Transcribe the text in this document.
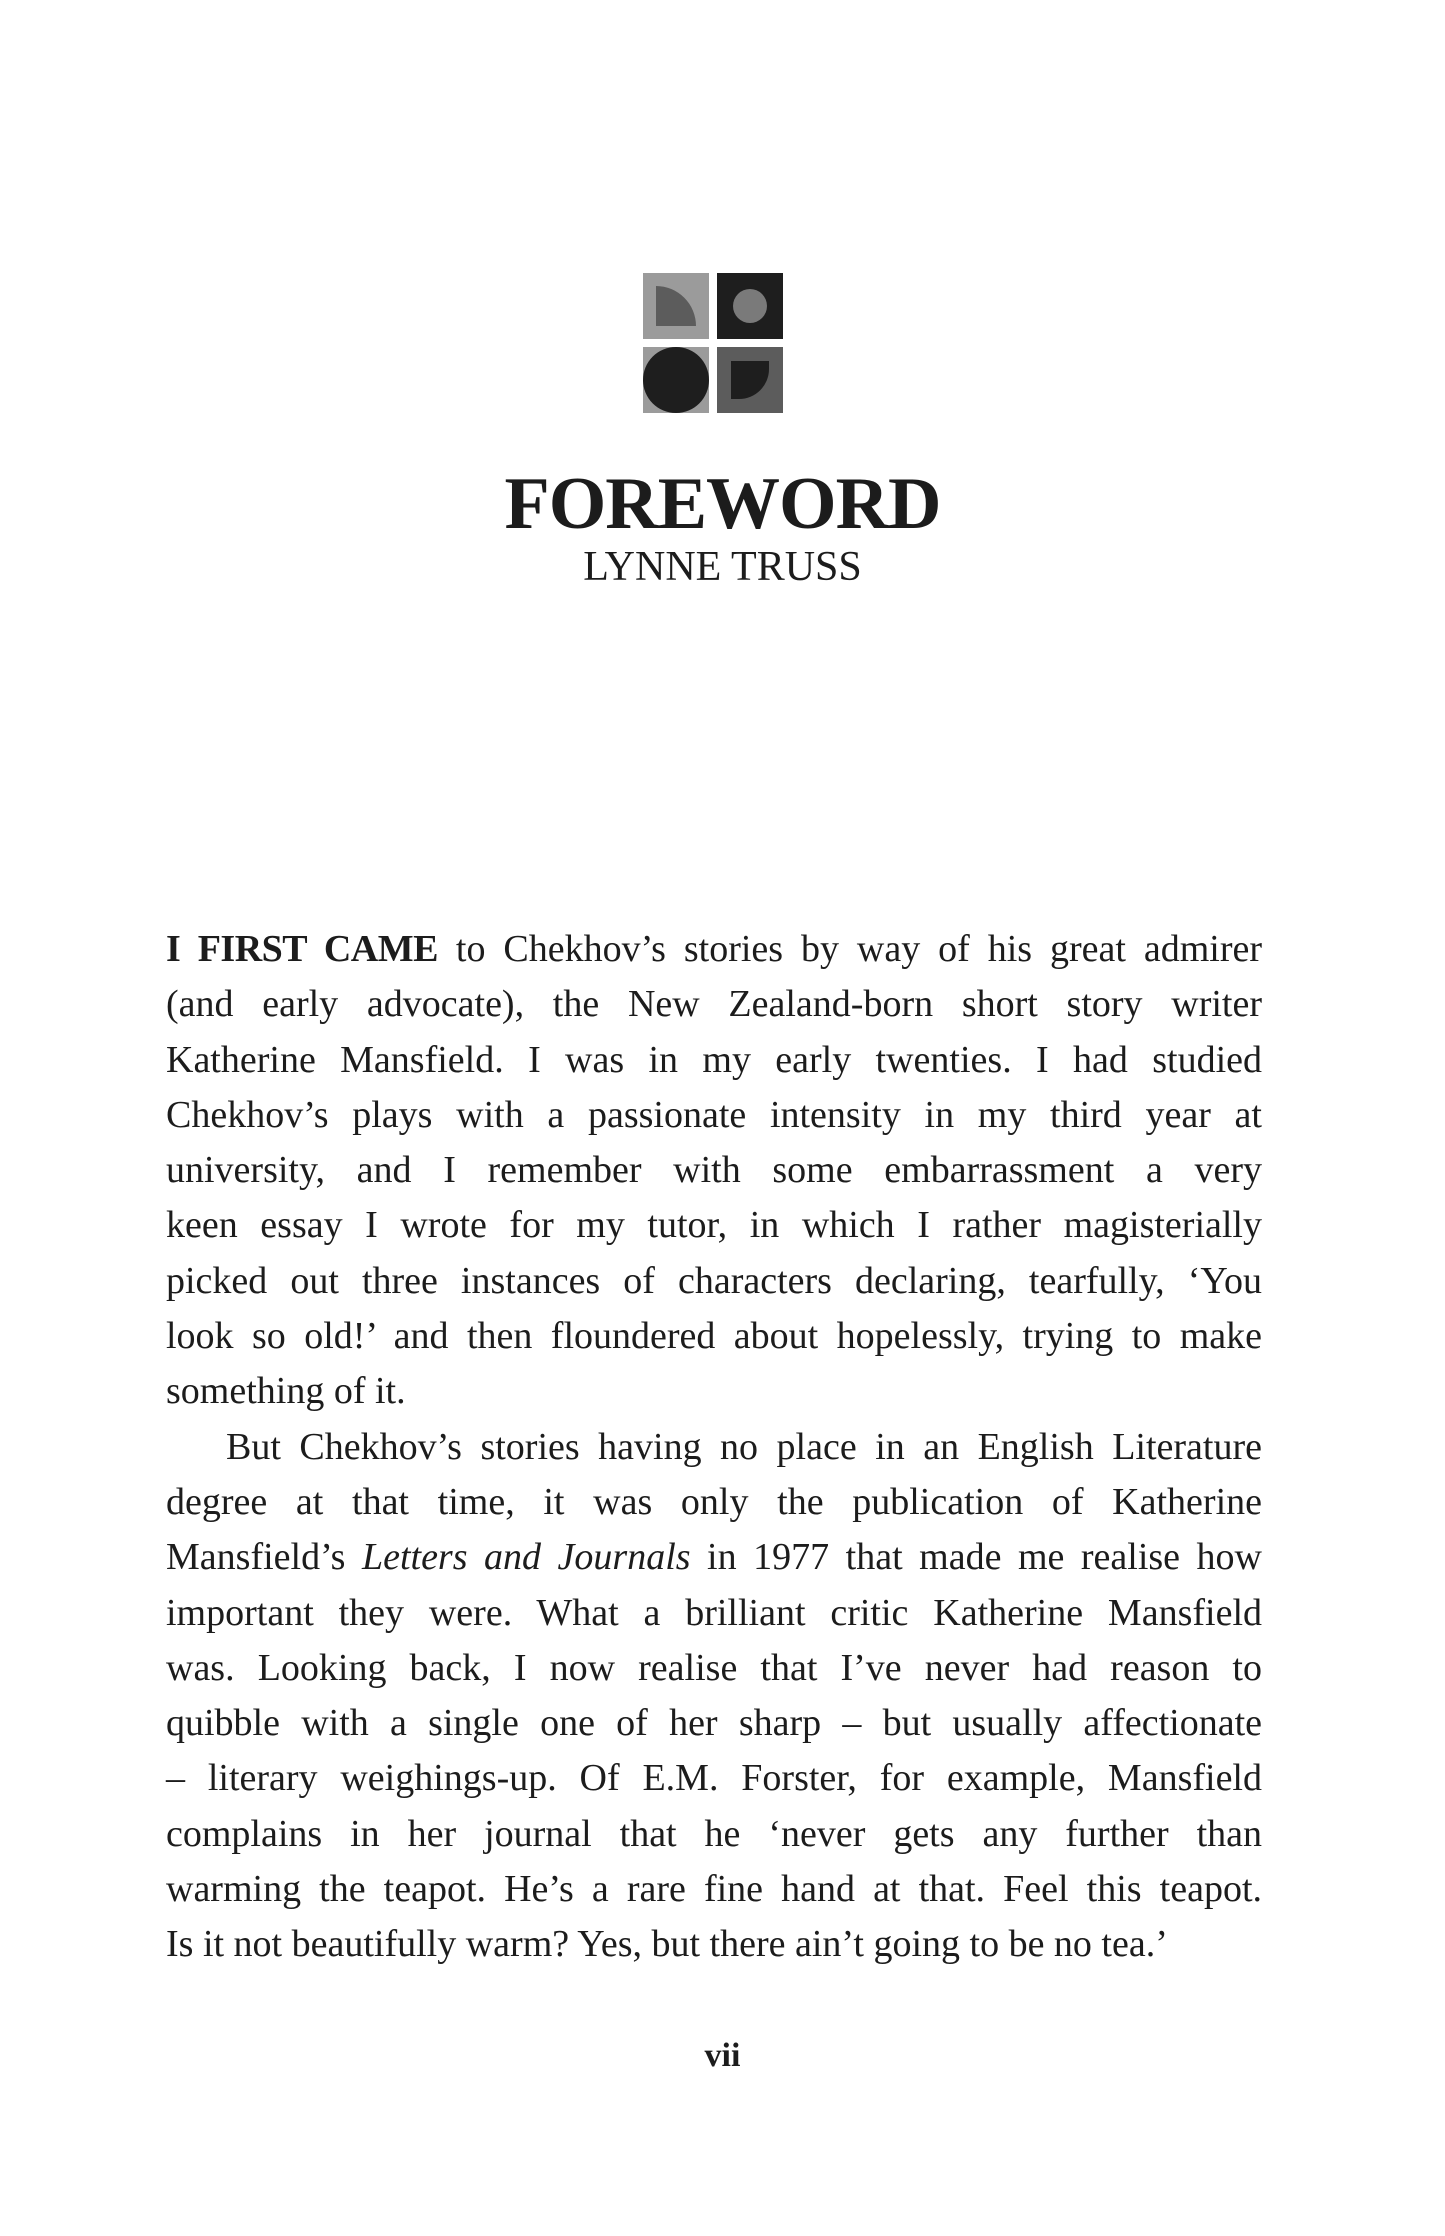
FOREWORD
LYNNE TRUSS
I FIRST CAME to Chekhov’s stories by way of his great admirer
(and early advocate), the New Zealand-born short story writer
Katherine Mansfield. I was in my early twenties. I had studied
Chekhov’s plays with a passionate intensity in my third year at
university, and I remember with some embarrassment a very
keen essay I wrote for my tutor, in which I rather magisterially
picked out three instances of characters declaring, tearfully, ‘You
look so old!’ and then floundered about hopelessly, trying to make
something of it.
But Chekhov’s stories having no place in an English Literature
degree at that time, it was only the publication of Katherine
Mansfield’s Letters and Journals in 1977 that made me realise how
important they were. What a brilliant critic Katherine Mansfield
was. Looking back, I now realise that I’ve never had reason to
quibble with a single one of her sharp – but usually affectionate
– literary weighings-up. Of E.M. Forster, for example, Mansfield
complains in her journal that he ‘never gets any further than
warming the teapot. He’s a rare fine hand at that. Feel this teapot.
Is it not beautifully warm? Yes, but there ain’t going to be no tea.’
vii
